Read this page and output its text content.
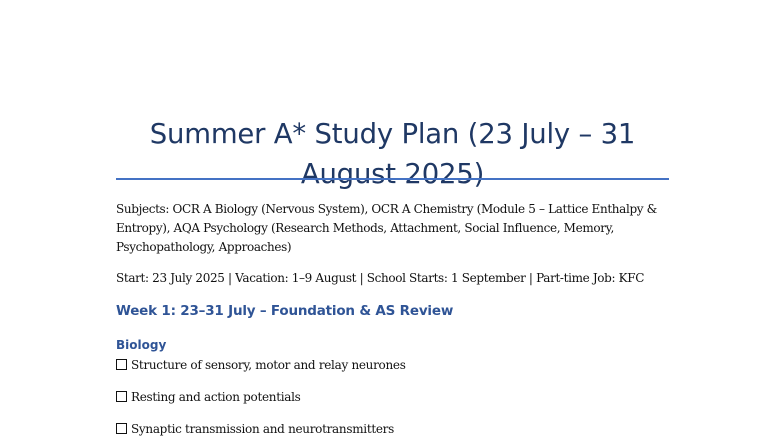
Summer A* Study Plan (23 July – 31 August 2025)

Subjects: OCR A Biology (Nervous System), OCR A Chemistry (Module 5 – Lattice Enthalpy & Entropy), AQA Psychology (Research Methods, Attachment, Social Influence, Memory, Psychopathology, Approaches)

Start: 23 July 2025 | Vacation: 1–9 August | School Starts: 1 September | Part-time Job: KFC

Week 1: 23–31 July – Foundation & AS Review
Biology
Structure of sensory, motor and relay neurones
Resting and action potentials
Synaptic transmission and neurotransmitters
